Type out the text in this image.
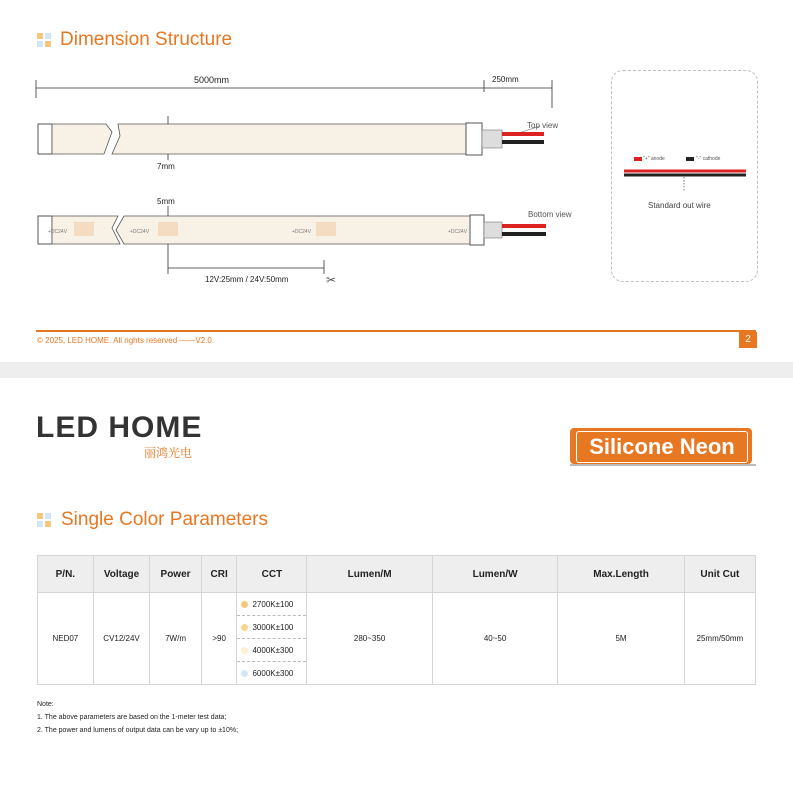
Dimension Structure
✂
5000mm	250mm
Top view
7mm
5mm
Bottom view
+DC24V	+DC24V	+DC24V	+DC24V
12V:25mm / 24V:50mm
"+" anode	"-" cathode
Standard out wire
© 2025, LED HOME. All rights reserved ——V2.0.	2
LED HOME
丽鸿光电	Silicone Neon
Single Color Parameters
P/N.	Voltage	Power	CRI	CCT	Lumen/M	Lumen/W	Max.Length	Unit Cut
NED07	CV12/24V	7W/m	>90	2700K±100
3000K±100
4000K±300
6000K±300	280~350	40~50	5M	25mm/50mm
Note:
1. The above parameters are based on the 1-meter test data;
2. The power and lumens of output data can be vary up to ±10%;
